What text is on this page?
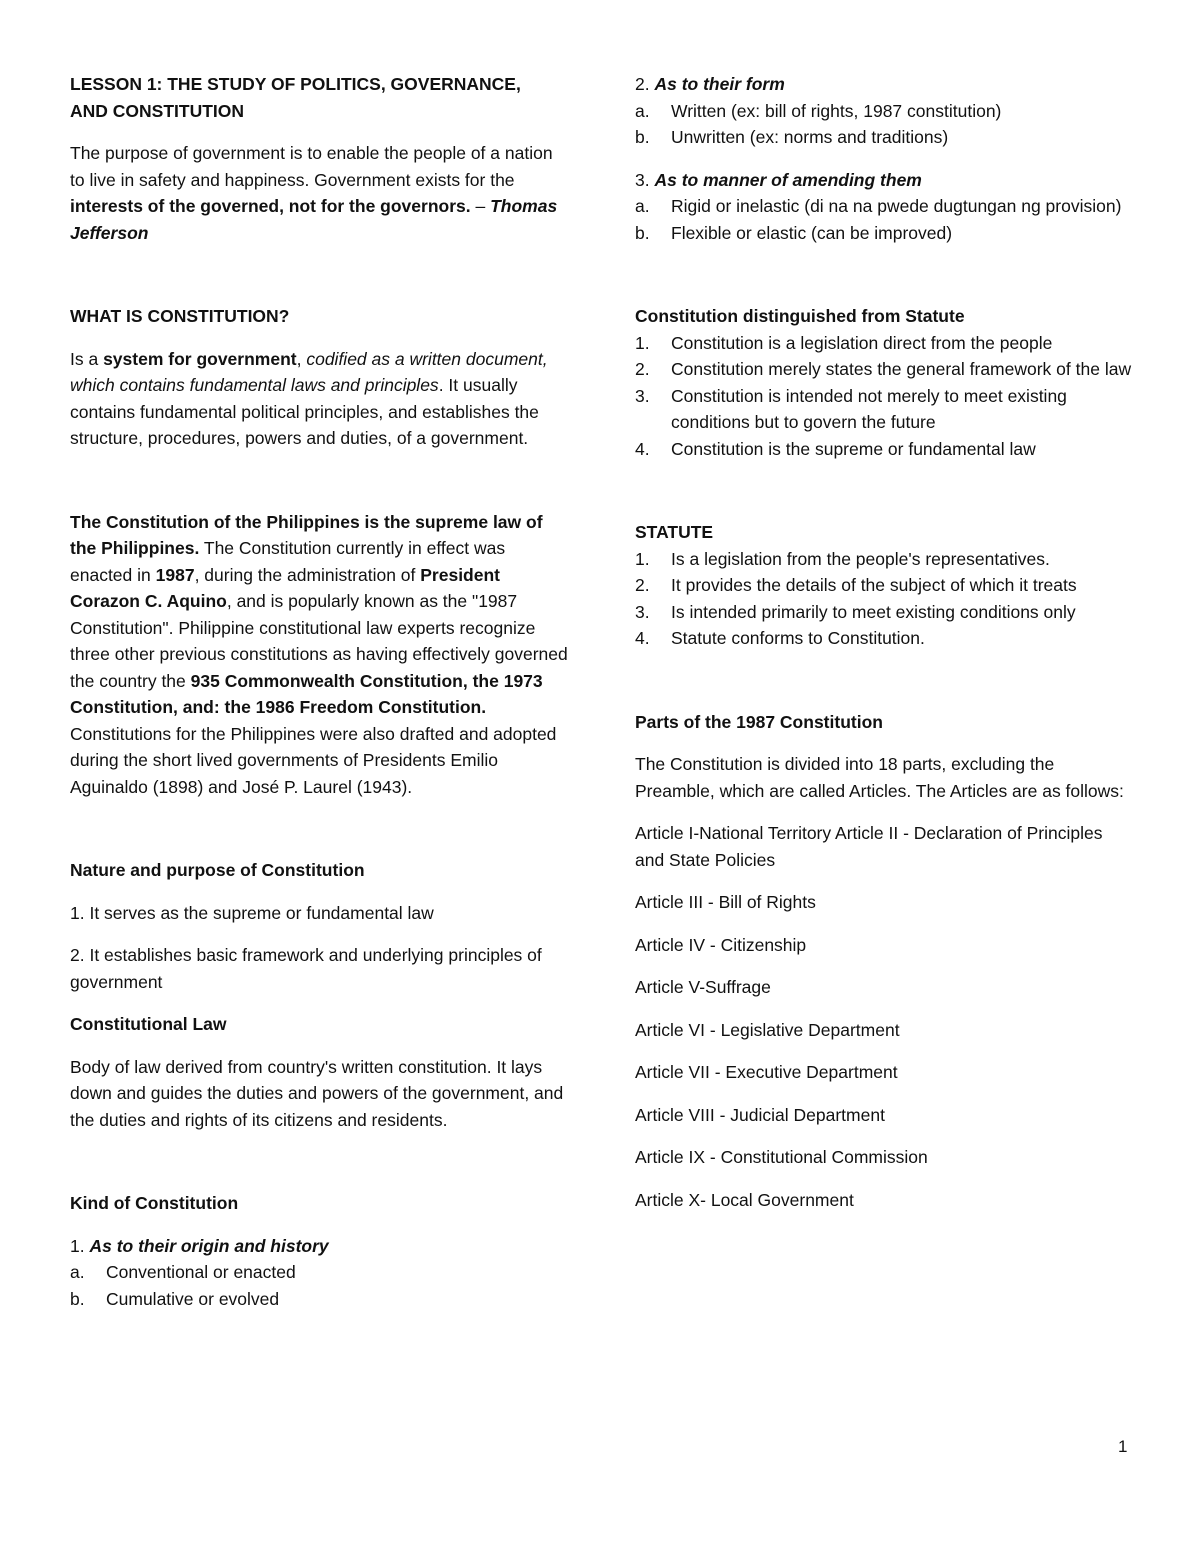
LESSON 1: THE STUDY OF POLITICS, GOVERNANCE,
AND CONSTITUTION

The purpose of government is to enable the people of a nation to live in safety and happiness. Government exists for the interests of the governed, not for the governors. – Thomas Jefferson

WHAT IS CONSTITUTION?

Is a system for government, codified as a written document, which contains fundamental laws and principles. It usually contains fundamental political principles, and establishes the structure, procedures, powers and duties, of a government.

The Constitution of the Philippines is the supreme law of the Philippines. The Constitution currently in effect was enacted in 1987, during the administration of President Corazon C. Aquino, and is popularly known as the "1987 Constitution". Philippine constitutional law experts recognize three other previous constitutions as having effectively governed the country the 935 Commonwealth Constitution, the 1973 Constitution, and: the 1986 Freedom Constitution. Constitutions for the Philippines were also drafted and adopted during the short lived governments of Presidents Emilio Aguinaldo (1898) and José P. Laurel (1943).

Nature and purpose of Constitution

1. It serves as the supreme or fundamental law

2. It establishes basic framework and underlying principles of government

Constitutional Law

Body of law derived from country's written constitution. It lays down and guides the duties and powers of the government, and the duties and rights of its citizens and residents.

Kind of Constitution

1. As to their origin and history

a. Conventional or enacted
b. Cumulative or evolved

2. As to their form

a. Written (ex: bill of rights, 1987 constitution)
b. Unwritten (ex: norms and traditions)

3. As to manner of amending them

a. Rigid or inelastic (di na na pwede dugtungan ng provision)
b. Flexible or elastic (can be improved)

Constitution distinguished from Statute

1. Constitution is a legislation direct from the people
2. Constitution merely states the general framework of the law
3. Constitution is intended not merely to meet existing conditions but to govern the future
4. Constitution is the supreme or fundamental law

STATUTE

1. Is a legislation from the people's representatives.
2. It provides the details of the subject of which it treats
3. Is intended primarily to meet existing conditions only
4. Statute conforms to Constitution.

Parts of the 1987 Constitution

The Constitution is divided into 18 parts, excluding the Preamble, which are called Articles. The Articles are as follows:

Article I-National Territory Article II - Declaration of Principles and State Policies

Article III - Bill of Rights

Article IV - Citizenship

Article V-Suffrage

Article VI - Legislative Department

Article VII - Executive Department

Article VIII - Judicial Department

Article IX - Constitutional Commission

Article X- Local Government

1
